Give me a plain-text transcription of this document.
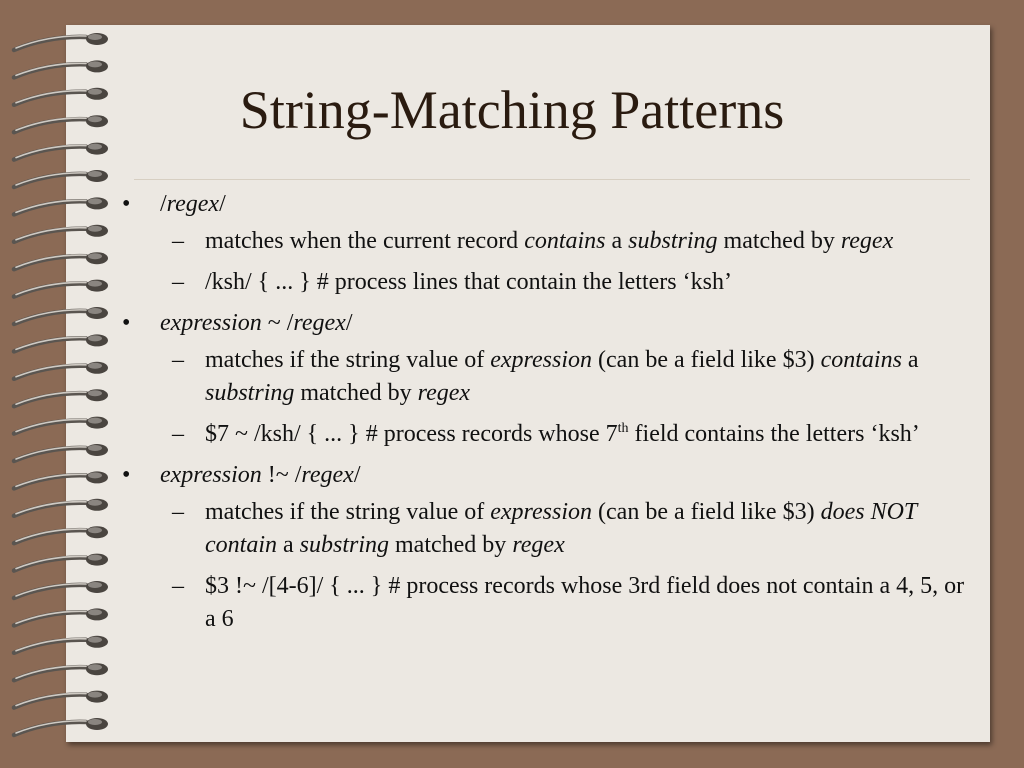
String-Matching Patterns
• /regex/
– matches when the current record contains a substring matched by regex
– /ksh/ { ... } # process lines that contain the letters ‘ksh’
• expression ~ /regex/
– matches if the string value of expression (can be a field like $3) contains a substring matched by regex
– $7 ~ /ksh/ { ... } # process records whose 7th field contains the letters ‘ksh’
• expression !~ /regex/
– matches if the string value of expression (can be a field like $3) does NOT contain a substring matched by regex
– $3 !~ /[4-6]/ { ... } # process records whose 3rd field does not contain a 4, 5, or a 6
